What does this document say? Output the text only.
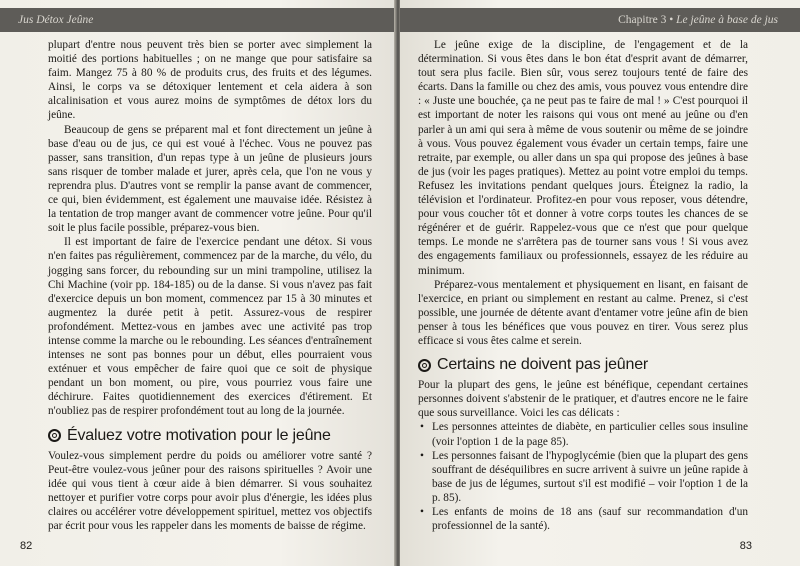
Jus Détox Jeûne

plupart d'entre nous peuvent très bien se porter avec simplement la moitié des portions habituelles ; on ne mange que pour satisfaire sa faim. Mangez 75 à 80 % de produits crus, des fruits et des légumes. Ainsi, le corps va se détoxiquer lentement et cela aidera à son alcalinisation et vous aurez moins de symptômes de détox lors du jeûne.

Beaucoup de gens se préparent mal et font directement un jeûne à base d'eau ou de jus, ce qui est voué à l'échec. Vous ne pouvez pas passer, sans transition, d'un repas type à un jeûne de plusieurs jours sans risquer de tomber malade et jurer, après cela, que l'on ne vous y reprendra plus. D'autres vont se remplir la panse avant de commencer, ce qui, bien évidemment, est également une mauvaise idée. Résistez à la tentation de trop manger avant de commencer votre jeûne. Pour qu'il soit le plus facile possible, préparez-vous bien.

Il est important de faire de l'exercice pendant une détox. Si vous n'en faites pas régulièrement, commencez par de la marche, du vélo, du jogging sans forcer, du rebounding sur un mini trampoline, utilisez la Chi Machine (voir pp. 184-185) ou de la danse. Si vous n'avez pas fait d'exercice depuis un bon moment, commencez par 15 à 30 minutes et augmentez la durée petit à petit. Assurez-vous de respirer profondément. Mettez-vous en jambes avec une activité pas trop intense comme la marche ou le rebounding. Les séances d'entraînement intenses ne sont pas bonnes pour un début, elles pourraient vous exténuer et vous empêcher de faire quoi que ce soit de physique pendant un bon moment, ou pire, vous pourriez vous faire une déchirure. Faites quotidiennement des exercices d'étirement. Et n'oubliez pas de respirer profondément tout au long de la journée.

Évaluez votre motivation pour le jeûne

Voulez-vous simplement perdre du poids ou améliorer votre santé ? Peut-être voulez-vous jeûner pour des raisons spirituelles ? Avoir une idée qui vous tient à cœur aide à bien démarrer. Si vous souhaitez nettoyer et purifier votre corps pour avoir plus d'énergie, les idées plus claires ou accélérer votre développement spirituel, mettez vos objectifs par écrit pour vous les rappeler dans les moments de baisse de régime.

82
Chapitre 3 • Le jeûne à base de jus

Le jeûne exige de la discipline, de l'engagement et de la détermination. Si vous êtes dans le bon état d'esprit avant de démarrer, tout sera plus facile. Bien sûr, vous serez toujours tenté de faire des écarts. Dans la famille ou chez des amis, vous pouvez vous entendre dire : « Juste une bouchée, ça ne peut pas te faire de mal ! » C'est pourquoi il est important de noter les raisons qui vous ont mené au jeûne ou d'en parler à un ami qui sera à même de vous soutenir ou même de se joindre à vous. Vous pouvez également vous évader un certain temps, faire une retraite, par exemple, ou aller dans un spa qui propose des jeûnes à base de jus (voir les pages pratiques). Mettez au point votre emploi du temps. Refusez les invitations pendant quelques jours. Éteignez la radio, la télévision et l'ordinateur. Profitez-en pour vous reposer, vous détendre, pour vous coucher tôt et donner à votre corps toutes les chances de se régénérer et de guérir. Rappelez-vous que ce n'est que pour quelque temps. Le monde ne s'arrêtera pas de tourner sans vous ! Si vous avez des engagements familiaux ou professionnels, essayez de les réduire au minimum.

Préparez-vous mentalement et physiquement en lisant, en faisant de l'exercice, en priant ou simplement en restant au calme. Prenez, si c'est possible, une journée de détente avant d'entamer votre jeûne afin de bien penser à tous les bénéfices que vous pouvez en tirer. Vous serez plus efficace si vous êtes calme et serein.

Certains ne doivent pas jeûner

Pour la plupart des gens, le jeûne est bénéfique, cependant certaines personnes doivent s'abstenir de le pratiquer, et d'autres encore ne le faire que sous surveillance. Voici les cas délicats :

• Les personnes atteintes de diabète, en particulier celles sous insuline (voir l'option 1 de la page 85).
• Les personnes faisant de l'hypoglycémie (bien que la plupart des gens souffrant de déséquilibres en sucre arrivent à suivre un jeûne rapide à base de jus de légumes, surtout s'il est modifié – voir l'option 1 de la p. 85).
• Les enfants de moins de 18 ans (sauf sur recommandation d'un professionnel de la santé).
83
